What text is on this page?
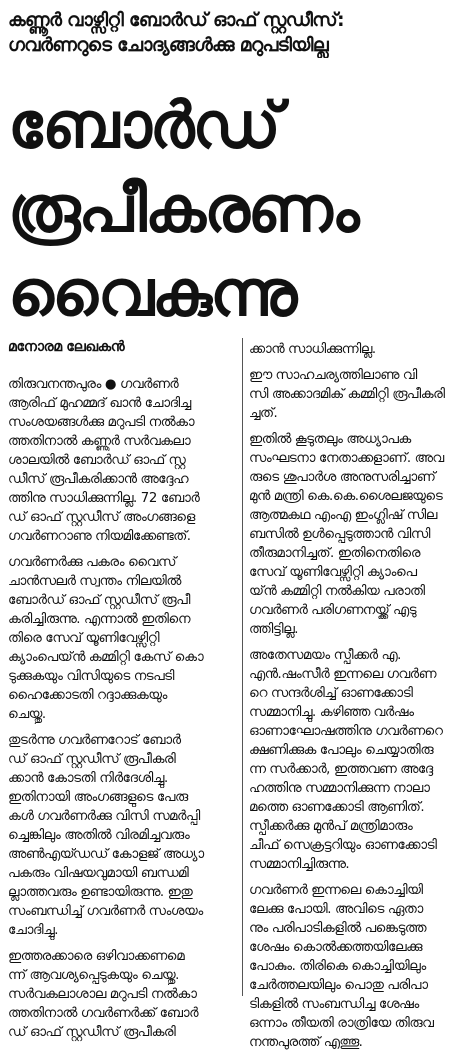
കണ്ണൂർ വാഴ്സിറ്റി ബോർഡ് ഓഫ് സ്റ്റഡീസ്:
ഗവർണറുടെ ചോദ്യങ്ങൾക്കു മറുപടിയില്ല
ബോർഡ്
രൂപീകരണം
വൈകുന്നു
മനോരമ ലേഖകൻ
തിരുവനന്തപുരം ● ഗവർണർ
ആരിഫ് മുഹമ്മദ് ഖാൻ ചോദിച്ച
സംശയങ്ങൾക്കു മറുപടി നൽകാ
ത്തതിനാൽ കണ്ണൂർ സർവകലാ
ശാലയിൽ ബോർഡ് ഓഫ് സ്റ്റ
ഡീസ് രൂപീകരിക്കാൻ അദ്ദേഹ
ത്തിനു സാധിക്കുന്നില്ല. 72 ബോർ
ഡ് ഓഫ് സ്റ്റഡീസ് അംഗങ്ങളെ
ഗവർണറാണു നിയമിക്കേണ്ടത്.
ഗവർണർക്കു പകരം വൈസ്
ചാൻസലർ സ്വന്തം നിലയിൽ
ബോർഡ് ഓഫ് സ്റ്റഡീസ് രൂപീ
കരിച്ചിരുന്നു. എന്നാൽ ഇതിനെ
തിരെ സേവ് യൂണിവേഴ്സിറ്റി
ക്യാംപെയ്ൻ കമ്മിറ്റി കേസ് കൊ
ടുക്കുകയും വിസിയുടെ നടപടി
ഹൈക്കോടതി റദ്ദാക്കുകയും
ചെയ്തു.
തുടർന്നു ഗവർണറോട് ബോർ
ഡ് ഓഫ് സ്റ്റഡീസ് രൂപീകരി
ക്കാൻ കോടതി നിർദേശിച്ചു.
ഇതിനായി അംഗങ്ങളുടെ പേരു
കൾ ഗവർണർക്കു വിസി സമർപ്പി
ച്ചെങ്കിലും അതിൽ വിരമിച്ചവരും
അൺഎയ്ഡഡ് കോളജ് അധ്യാ
പകരും വിഷയവുമായി ബന്ധമി
ല്ലാത്തവരും ഉണ്ടായിരുന്നു. ഇതു
സംബന്ധിച്ച് ഗവർണർ സംശയം
ചോദിച്ചു.
ഇത്തരക്കാരെ ഒഴിവാക്കണമെ
ന്ന് ആവശ്യപ്പെടുകയും ചെയ്തു.
സർവകലാശാല മറുപടി നൽകാ
ത്തതിനാൽ ഗവർണർക്ക് ബോർ
ഡ് ഓഫ് സ്റ്റഡീസ് രൂപീകരി
ക്കാൻ സാധിക്കുന്നില്ല.
ഈ സാഹചര്യത്തിലാണു വി
സി അക്കാദമിക് കമ്മിറ്റി രൂപീകരി
ച്ചത്.
ഇതിൽ കൂടുതലും അധ്യാപക
സംഘടനാ നേതാക്കളാണ്. അവ
രുടെ ശുപാർശ അനുസരിച്ചാണ്
മുൻ മന്ത്രി കെ.കെ.ശൈലജയുടെ
ആത്മകഥ എംഎ ഇംഗ്ലിഷ് സില
ബസിൽ ഉൾപ്പെടുത്താൻ വിസി
തീരുമാനിച്ചത്. ഇതിനെതിരെ
സേവ് യൂണിവേഴ്സിറ്റി ക്യാംപെ
യ്ൻ കമ്മിറ്റി നൽകിയ പരാതി
ഗവർണർ പരിഗണനയ്ക്ക് എടു
ത്തിട്ടില്ല.
അതേസമയം സ്പീക്കർ എ.
എൻ.ഷംസീർ ഇന്നലെ ഗവർണ
റെ സന്ദർശിച്ച് ഓണക്കോടി
സമ്മാനിച്ചു. കഴിഞ്ഞ വർഷം
ഓണാഘോഷത്തിനു ഗവർണറെ
ക്ഷണിക്കുക പോലും ചെയ്യാതിരു
ന്ന സർക്കാർ, ഇത്തവണ അദ്ദേ
ഹത്തിനു സമ്മാനിക്കുന്ന നാലാ
മത്തെ ഓണക്കോടി ആണിത്.
സ്പീക്കർക്കു മുൻപ് മന്ത്രിമാരും
ചീഫ് സെക്രട്ടറിയും ഓണക്കോടി
സമ്മാനിച്ചിരുന്നു.
ഗവർണർ ഇന്നലെ കൊച്ചിയി
ലേക്കു പോയി. അവിടെ ഏതാ
നും പരിപാടികളിൽ പങ്കെടുത്ത
ശേഷം കൊൽക്കത്തയിലേക്കു
പോകും. തിരികെ കൊച്ചിയിലും
ചേർത്തലയിലും പൊതു പരിപാ
ടികളിൽ സംബന്ധിച്ച ശേഷം
ഒന്നാം തീയതി രാത്രിയേ തിരുവ
നന്തപുരത്ത് എത്തൂ.
